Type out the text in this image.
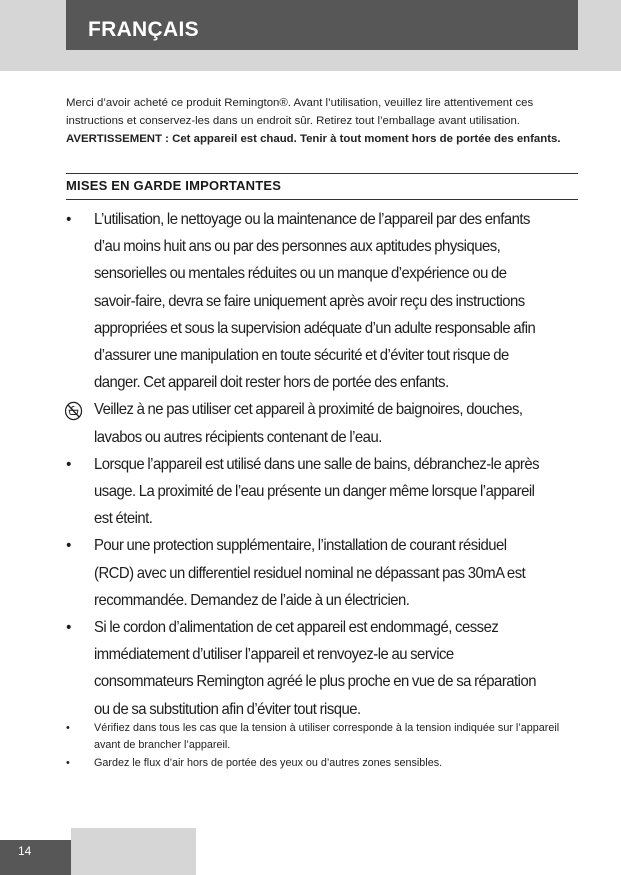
FRANÇAIS
Merci d’avoir acheté ce produit Remington®. Avant l’utilisation, veuillez lire attentivement ces instructions et conservez-les dans un endroit sûr. Retirez tout l’emballage avant utilisation. AVERTISSEMENT : Cet appareil est chaud. Tenir à tout moment hors de portée des enfants.
MISES EN GARDE IMPORTANTES

• L’utilisation, le nettoyage ou la maintenance de l’appareil par des enfants d’au moins huit ans ou par des personnes aux aptitudes physiques, sensorielles ou mentales réduites ou un manque d’expérience ou de savoir-faire, devra se faire uniquement après avoir reçu des instructions appropriées et sous la supervision adéquate d’un adulte responsable afin d’assurer une manipulation en toute sécurité et d’éviter tout risque de danger. Cet appareil doit rester hors de portée des enfants.

Veillez à ne pas utiliser cet appareil à proximité de baignoires, douches, lavabos ou autres récipients contenant de l’eau.

• Lorsque l’appareil est utilisé dans une salle de bains, débranchez-le après usage. La proximité de l’eau présente un danger même lorsque l’appareil est éteint.

• Pour une protection supplémentaire, l’installation de courant résiduel (RCD) avec un differentiel residuel nominal ne dépassant pas 30mA est recommandée. Demandez de l’aide à un électricien.

• Si le cordon d’alimentation de cet appareil est endommagé, cessez immédiatement d’utiliser l’appareil et renvoyez-le au service consommateurs Remington agréé le plus proche en vue de sa réparation ou de sa substitution afin d’éviter tout risque.

• Vérifiez dans tous les cas que la tension à utiliser corresponde à la tension indiquée sur l’appareil avant de brancher l’appareil.

• Gardez le flux d’air hors de portée des yeux ou d’autres zones sensibles.

14
